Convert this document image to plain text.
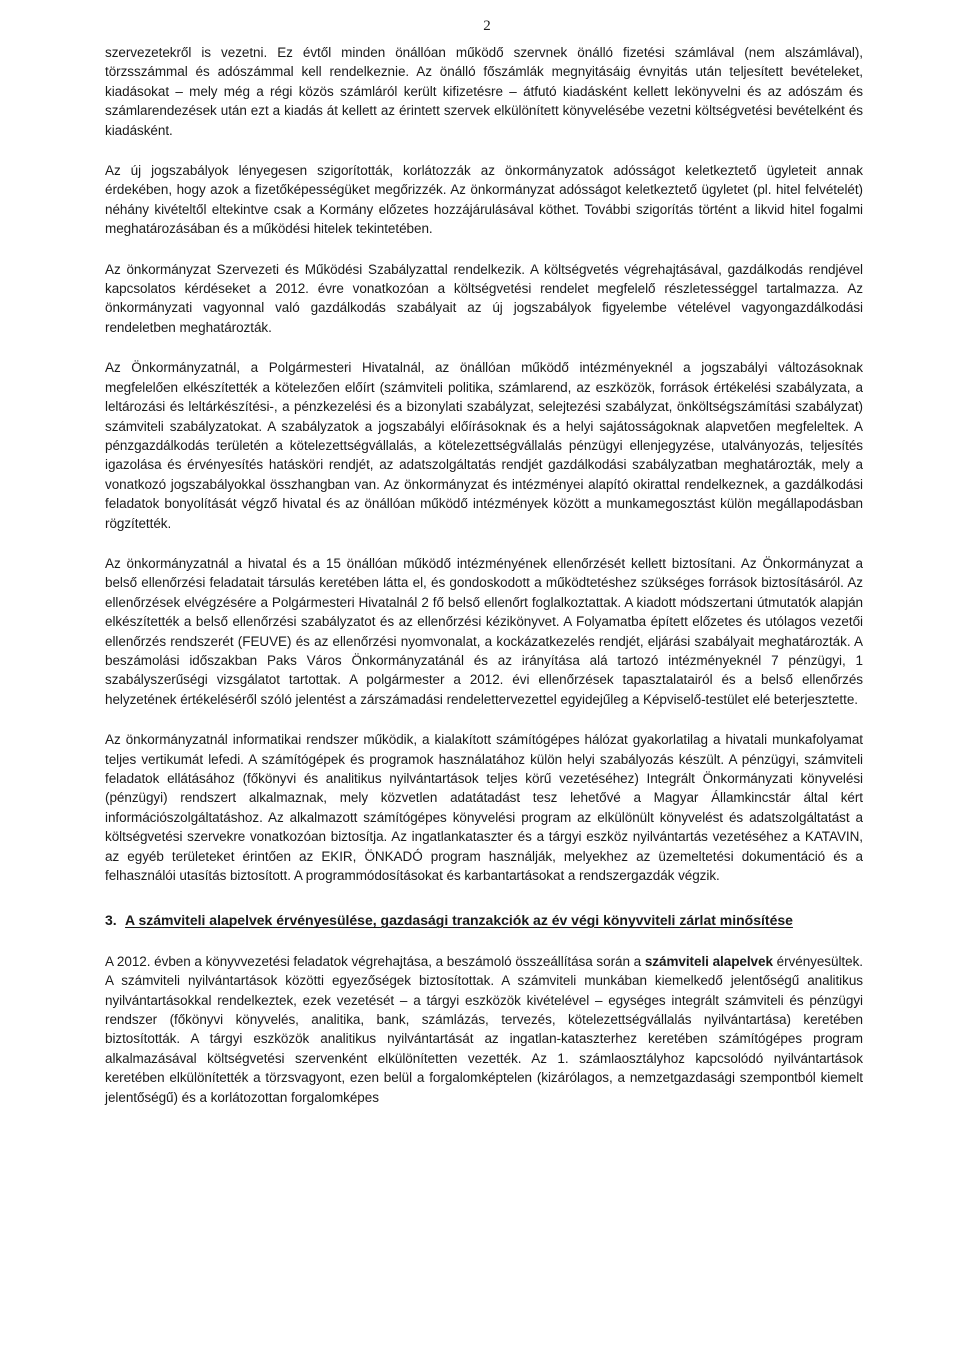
2

szervezetekről is vezetni. Ez évtől minden önállóan működő szervnek önálló fizetési számlával (nem alszámlával), törzsszámmal és adószámmal kell rendelkeznie. Az önálló főszámlák megnyitásáig évnyitás után teljesített bevételeket, kiadásokat – mely még a régi közös számláról került kifizetésre – átfutó kiadásként kellett lekönyvelni és az adószám és számlarendezések után ezt a kiadás át kellett az érintett szervek elkülönített könyvelésébe vezetni költségvetési bevételként és kiadásként.

Az új jogszabályok lényegesen szigorították, korlátozzák az önkormányzatok adósságot keletkeztető ügyleteit annak érdekében, hogy azok a fizetőképességüket megőrizzék. Az önkormányzat adósságot keletkeztető ügyletet (pl. hitel felvételét) néhány kivételtől eltekintve csak a Kormány előzetes hozzájárulásával köthet. További szigorítás történt a likvid hitel fogalmi meghatározásában és a működési hitelek tekintetében.

Az önkormányzat Szervezeti és Működési Szabályzattal rendelkezik. A költségvetés végrehajtásával, gazdálkodás rendjével kapcsolatos kérdéseket a 2012. évre vonatkozóan a költségvetési rendelet megfelelő részletességgel tartalmazza. Az önkormányzati vagyonnal való gazdálkodás szabályait az új jogszabályok figyelembe vételével vagyongazdálkodási rendeletben meghatározták.

Az Önkormányzatnál, a Polgármesteri Hivatalnál, az önállóan működő intézményeknél a jogszabályi változásoknak megfelelően elkészítették a kötelezően előírt (számviteli politika, számlarend, az eszközök, források értékelési szabályzata, a leltározási és leltárkészítési-, a pénzkezelési és a bizonylati szabályzat, selejtezési szabályzat, önköltségszámítási szabályzat) számviteli szabályzatokat. A szabályzatok a jogszabályi előírásoknak és a helyi sajátosságoknak alapvetően megfeleltek. A pénzgazdálkodás területén a kötelezettségvállalás, a kötelezettségvállalás pénzügyi ellenjegyzése, utalványozás, teljesítés igazolása és érvényesítés hatásköri rendjét, az adatszolgáltatás rendjét gazdálkodási szabályzatban meghatározták, mely a vonatkozó jogszabályokkal összhangban van. Az önkormányzat és intézményei alapító okirattal rendelkeznek, a gazdálkodási feladatok bonyolítását végző hivatal és az önállóan működő intézmények között a munkamegosztást külön megállapodásban rögzítették.

Az önkormányzatnál a hivatal és a 15 önállóan működő intézményének ellenőrzését kellett biztosítani. Az Önkormányzat a belső ellenőrzési feladatait társulás keretében látta el, és gondoskodott a működtetéshez szükséges források biztosításáról. Az ellenőrzések elvégzésére a Polgármesteri Hivatalnál 2 fő belső ellenőrt foglalkoztattak. A kiadott módszertani útmutatók alapján elkészítették a belső ellenőrzési szabályzatot és az ellenőrzési kézikönyvet. A Folyamatba épített előzetes és utólagos vezetői ellenőrzés rendszerét (FEUVE) és az ellenőrzési nyomvonalat, a kockázatkezelés rendjét, eljárási szabályait meghatározták. A beszámolási időszakban Paks Város Önkormányzatánál és az irányítása alá tartozó intézményeknél 7 pénzügyi, 1 szabályszerűségi vizsgálatot tartottak. A polgármester a 2012. évi ellenőrzések tapasztalatairól és a belső ellenőrzés helyzetének értékeléséről szóló jelentést a zárszámadási rendelettervezettel egyidejűleg a Képviselő-testület elé beterjesztette.

Az önkormányzatnál informatikai rendszer működik, a kialakított számítógépes hálózat gyakorlatilag a hivatali munkafolyamat teljes vertikumát lefedi. A számítógépek és programok használatához külön helyi szabályozás készült. A pénzügyi, számviteli feladatok ellátásához (főkönyvi és analitikus nyilvántartások teljes körű vezetéséhez) Integrált Önkormányzati könyvelési (pénzügyi) rendszert alkalmaznak, mely közvetlen adatátadást tesz lehetővé a Magyar Államkincstár által kért információszolgáltatáshoz. Az alkalmazott számítógépes könyvelési program az elkülönült könyvelést és adatszolgáltatást a költségvetési szervekre vonatkozóan biztosítja. Az ingatlankataszter és a tárgyi eszköz nyilvántartás vezetéséhez a KATAVIN, az egyéb területeket érintően az EKIR, ÖNKADÓ program használják, melyekhez az üzemeltetési dokumentáció és a felhasználói utasítás biztosított. A programmódosításokat és karbantartásokat a rendszergazdák végzik.

3. A számviteli alapelvek érvényesülése, gazdasági tranzakciók az év végi könyvviteli zárlat minősítése

A 2012. évben a könyvvezetési feladatok végrehajtása, a beszámoló összeállítása során a számviteli alapelvek érvényesültek. A számviteli nyilvántartások közötti egyezőségek biztosítottak. A számviteli munkában kiemelkedő jelentőségű analitikus nyilvántartásokkal rendelkeztek, ezek vezetését – a tárgyi eszközök kivételével – egységes integrált számviteli és pénzügyi rendszer (főkönyvi könyvelés, analitika, bank, számlázás, tervezés, kötelezettségvállalás nyilvántartása) keretében biztosították. A tárgyi eszközök analitikus nyilvántartását az ingatlan-kataszterhez keretében számítógépes program alkalmazásával költségvetési szervenként elkülönítetten vezették. Az 1. számlaosztályhoz kapcsolódó nyilvántartások keretében elkülönítették a törzsvagyont, ezen belül a forgalomképtelen (kizárólagos, a nemzetgazdasági szempontból kiemelt jelentőségű) és a korlátozottan forgalomképes
